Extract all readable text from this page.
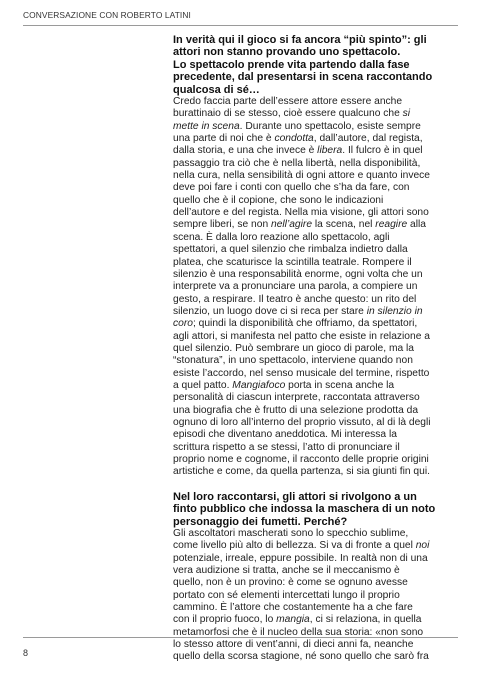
CONVERSAZIONE CON ROBERTO LATINI
In verità qui il gioco si fa ancora “più spinto”: gli
attori non stanno provando uno spettacolo.
Lo spettacolo prende vita partendo dalla fase
precedente, dal presentarsi in scena raccontando
qualcosa di sé…

Credo faccia parte dell’essere attore essere anche
burattinaio di se stesso, cioè essere qualcuno che si
mette in scena. Durante uno spettacolo, esiste sempre
una parte di noi che è condotta, dall’autore, dal regista,
dalla storia, e una che invece è libera. Il fulcro è in quel
passaggio tra ciò che è nella libertà, nella disponibilità,
nella cura, nella sensibilità di ogni attore e quanto invece
deve poi fare i conti con quello che s’ha da fare, con
quello che è il copione, che sono le indicazioni
dell’autore e del regista. Nella mia visione, gli attori sono
sempre liberi, se non nell’agire la scena, nel reagire alla
scena. È dalla loro reazione allo spettacolo, agli
spettatori, a quel silenzio che rimbalza indietro dalla
platea, che scaturisce la scintilla teatrale. Rompere il
silenzio è una responsabilità enorme, ogni volta che un
interprete va a pronunciare una parola, a compiere un
gesto, a respirare. Il teatro è anche questo: un rito del
silenzio, un luogo dove ci si reca per stare in silenzio in
coro; quindi la disponibilità che offriamo, da spettatori,
agli attori, si manifesta nel patto che esiste in relazione a
quel silenzio. Può sembrare un gioco di parole, ma la
“stonatura”, in uno spettacolo, interviene quando non
esiste l’accordo, nel senso musicale del termine, rispetto
a quel patto. Mangiafoco porta in scena anche la
personalità di ciascun interprete, raccontata attraverso
una biografia che è frutto di una selezione prodotta da
ognuno di loro all’interno del proprio vissuto, al di là degli
episodi che diventano aneddotica. Mi interessa la
scrittura rispetto a se stessi, l’atto di pronunciare il
proprio nome e cognome, il racconto delle proprie origini
artistiche e come, da quella partenza, si sia giunti fin qui.

Nel loro raccontarsi, gli attori si rivolgono a un
finto pubblico che indossa la maschera di un noto
personaggio dei fumetti. Perché?

Gli ascoltatori mascherati sono lo specchio sublime,
come livello più alto di bellezza. Si va di fronte a quel noi
potenziale, irreale, eppure possibile. In realtà non di una
vera audizione si tratta, anche se il meccanismo è
quello, non è un provino: è come se ognuno avesse
portato con sé elementi intercettati lungo il proprio
cammino. È l’attore che costantemente ha a che fare
con il proprio fuoco, lo mangia, ci si relaziona, in quella
metamorfosi che è il nucleo della sua storia: «non sono
lo stesso attore di vent’anni, di dieci anni fa, neanche
quello della scorsa stagione, né sono quello che sarò fra

8
